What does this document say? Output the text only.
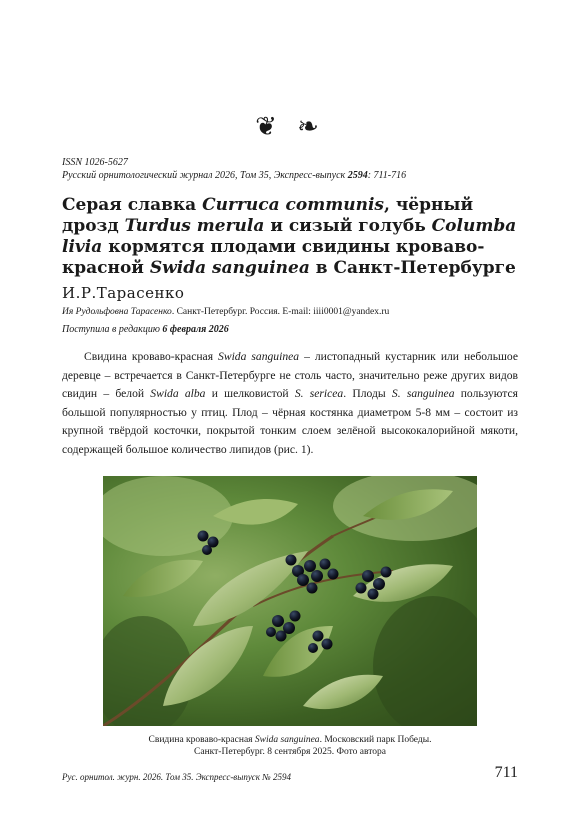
❦ ❧
ISSN 1026-5627
Русский орнитологический журнал 2026, Том 35, Экспресс-выпуск 2594: 711-716
Серая славка Curruca communis, чёрный дрозд Turdus merula и сизый голубь Columba livia кормятся плодами свидины кроваво-красной Swida sanguinea в Санкт-Петербурге
И.Р.Тарасенко
Ия Рудольфовна Тарасенко. Санкт-Петербург. Россия. E-mail: iiii0001@yandex.ru
Поступила в редакцию 6 февраля 2026

Свидина кроваво-красная Swida sanguinea – листопадный кустарник или небольшое деревце – встречается в Санкт-Петербурге не столь часто, значительно реже других видов свидин – белой Swida alba и шелковистой S. sericea. Плоды S. sanguinea пользуются большой популярностью у птиц. Плод – чёрная костянка диаметром 5-8 мм – состоит из крупной твёрдой косточки, покрытой тонким слоем зелёной высококалорийной мякоти, содержащей большое количество липидов (рис. 1).

Свидина кроваво-красная Swida sanguinea. Московский парк Победы.
Санкт-Петербург. 8 сентября 2025. Фото автора
Рус. орнитол. журн. 2026. Том 35. Экспресс-выпуск № 2594	711
